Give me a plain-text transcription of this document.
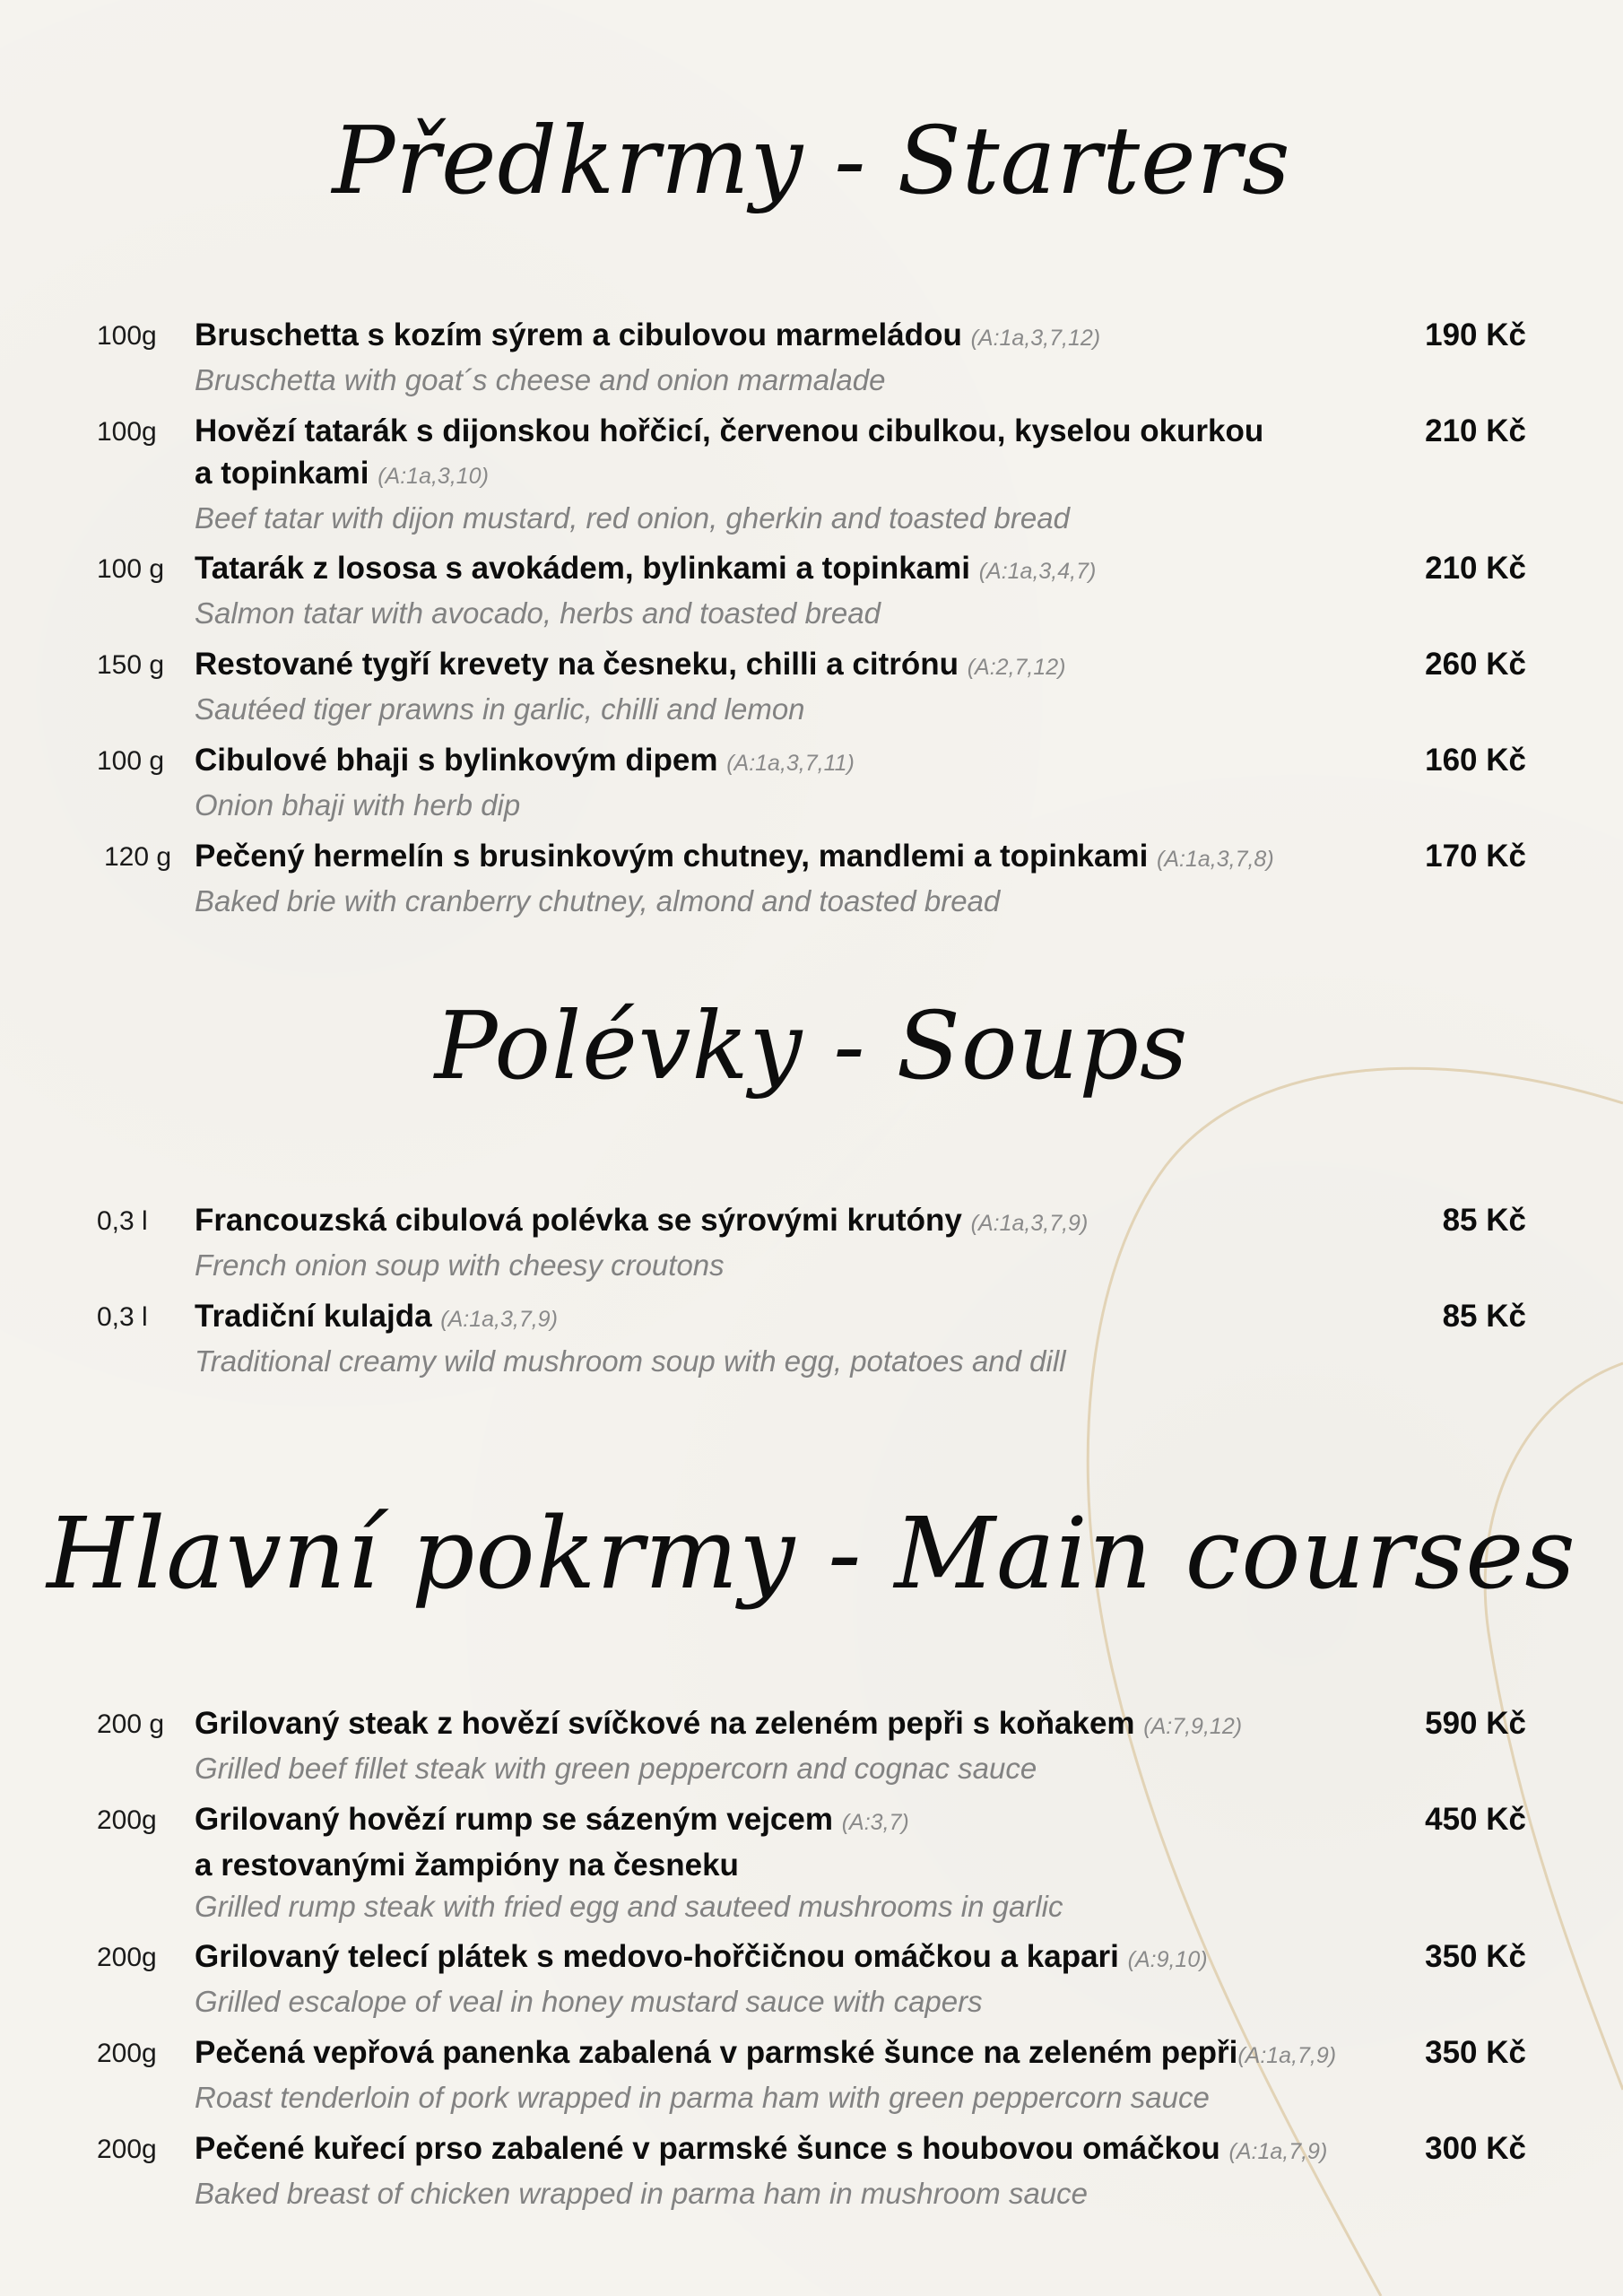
Předkrmy - Starters
100g	Bruschetta s kozím sýrem a cibulovou marmeládou (A:1a,3,7,12)
Bruschetta with goat´s cheese and onion marmalade
190 Kč
100g	Hovězí tatarák s dijonskou hořčicí, červenou cibulkou, kyselou okurkou
a topinkami (A:1a,3,10)
Beef tatar with dijon mustard, red onion, gherkin and toasted bread
210 Kč
100 g Tatarák z lososa s avokádem, bylinkami a topinkami (A:1a,3,4,7)
Salmon tatar with avocado, herbs and toasted bread
210 Kč
150 g Restované tygří krevety na česneku, chilli a citrónu (A:2,7,12)
Sautéed tiger prawns in garlic, chilli and lemon
260 Kč
100 g Cibulové bhaji s bylinkovým dipem (A:1a,3,7,11)
Onion bhaji with herb dip
160 Kč
120 g Pečený hermelín s brusinkovým chutney, mandlemi a topinkami (A:1a,3,7,8)
Baked brie with cranberry chutney, almond and toasted bread
170 Kč
Polévky - Soups
0,3 l	Francouzská cibulová polévka se sýrovými krutóny (A:1a,3,7,9)
French onion soup with cheesy croutons
85 Kč
0,3 l	Tradiční kulajda (A:1a,3,7,9)
Traditional creamy wild mushroom soup with egg, potatoes and dill
85 Kč
Hlavní pokrmy - Main courses
200 g Grilovaný steak z hovězí svíčkové na zeleném pepři s koňakem (A:7,9,12)
Grilled beef fillet steak with green peppercorn and cognac sauce
590 Kč
200g	Grilovaný hovězí rump se sázeným vejcem (A:3,7)
a restovanými žampióny na česneku
Grilled rump steak with fried egg and sauteed mushrooms in garlic
450 Kč
200g	Grilovaný telecí plátek s medovo-hořčičnou omáčkou a kapari (A:9,10)
Grilled escalope of veal in honey mustard sauce with capers
350 Kč
200g	Pečená vepřová panenka zabalená v parmské šunce na zeleném pepři(A:1a,7,9)
Roast tenderloin of pork wrapped in parma ham with green peppercorn sauce
350 Kč
200g	Pečené kuřecí prso zabalené v parmské šunce s houbovou omáčkou (A:1a,7,9)
Baked breast of chicken wrapped in parma ham in mushroom sauce
300 Kč
